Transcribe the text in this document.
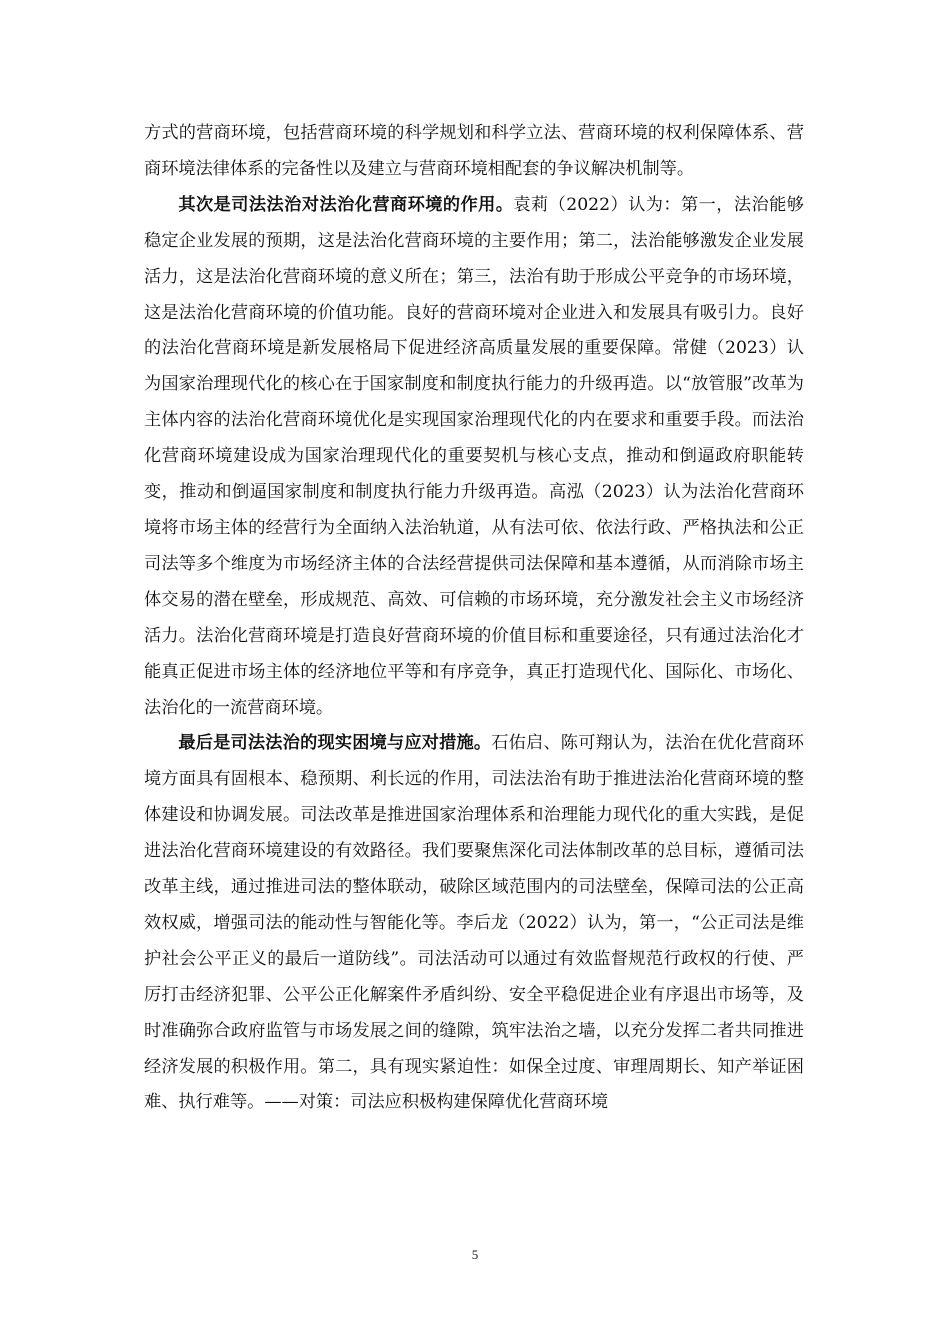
方式的营商环境，包括营商环境的科学规划和科学立法、营商环境的权利保障体系、营商环境法律体系的完备性以及建立与营商环境相配套的争议解决机制等。

其次是司法法治对法治化营商环境的作用。袁莉（2022）认为：第一，法治能够稳定企业发展的预期，这是法治化营商环境的主要作用；第二，法治能够激发企业发展活力，这是法治化营商环境的意义所在；第三，法治有助于形成公平竞争的市场环境，这是法治化营商环境的价值功能。良好的营商环境对企业进入和发展具有吸引力。良好的法治化营商环境是新发展格局下促进经济高质量发展的重要保障。常健（2023）认为国家治理现代化的核心在于国家制度和制度执行能力的升级再造。以“放管服”改革为主体内容的法治化营商环境优化是实现国家治理现代化的内在要求和重要手段。而法治化营商环境建设成为国家治理现代化的重要契机与核心支点，推动和倒逼政府职能转变，推动和倒逼国家制度和制度执行能力升级再造。高泓（2023）认为法治化营商环境将市场主体的经营行为全面纳入法治轨道，从有法可依、依法行政、严格执法和公正司法等多个维度为市场经济主体的合法经营提供司法保障和基本遵循，从而消除市场主体交易的潜在壁垒，形成规范、高效、可信赖的市场环境，充分激发社会主义市场经济活力。法治化营商环境是打造良好营商环境的价值目标和重要途径，只有通过法治化才能真正促进市场主体的经济地位平等和有序竞争，真正打造现代化、国际化、市场化、法治化的一流营商环境。

最后是司法法治的现实困境与应对措施。石佑启、陈可翔认为，法治在优化营商环境方面具有固根本、稳预期、利长远的作用，司法法治有助于推进法治化营商环境的整体建设和协调发展。司法改革是推进国家治理体系和治理能力现代化的重大实践，是促进法治化营商环境建设的有效路径。我们要聚焦深化司法体制改革的总目标，遵循司法改革主线，通过推进司法的整体联动，破除区域范围内的司法壁垒，保障司法的公正高效权威，增强司法的能动性与智能化等。李后龙（2022）认为，第一，“公正司法是维护社会公平正义的最后一道防线”。司法活动可以通过有效监督规范行政权的行使、严厉打击经济犯罪、公平公正化解案件矛盾纠纷、安全平稳促进企业有序退出市场等，及时准确弥合政府监管与市场发展之间的缝隙，筑牢法治之墙，以充分发挥二者共同推进经济发展的积极作用。第二，具有现实紧迫性：如保全过度、审理周期长、知产举证困难、执行难等。——对策：司法应积极构建保障优化营商环境

5
